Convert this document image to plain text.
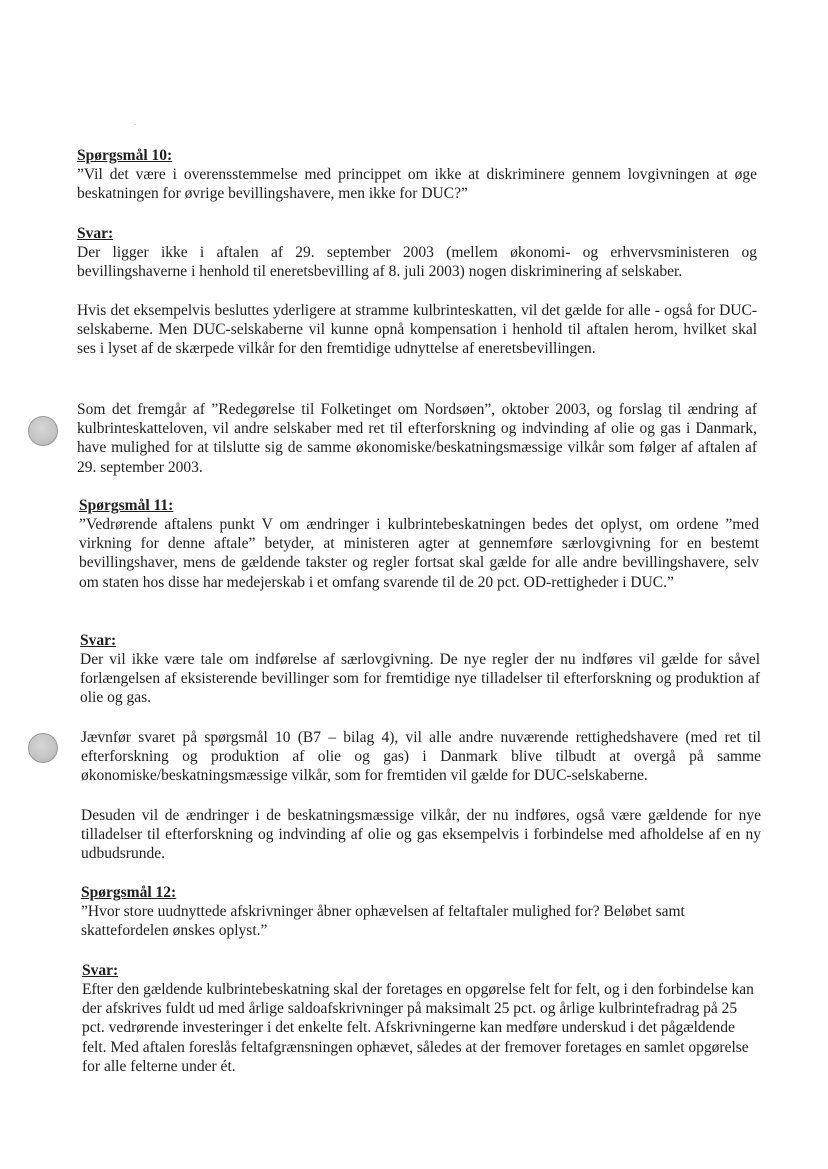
Spørgsmål 10:

”Vil det være i overensstemmelse med princippet om ikke at diskriminere gennem lovgivningen at øge beskatningen for øvrige bevillingshavere, men ikke for DUC?”

Svar:

Der ligger ikke i aftalen af 29. september 2003 (mellem økonomi- og erhvervsministeren og bevillingshaverne i henhold til eneretsbevilling af 8. juli 2003) nogen diskriminering af selskaber.

Hvis det eksempelvis besluttes yderligere at stramme kulbrinteskatten, vil det gælde for alle - også for DUC-selskaberne. Men DUC-selskaberne vil kunne opnå kompensation i henhold til aftalen herom, hvilket skal ses i lyset af de skærpede vilkår for den fremtidige udnyttelse af eneretsbevillingen.

Som det fremgår af ”Redegørelse til Folketinget om Nordsøen”, oktober 2003, og forslag til ændring af kulbrinteskatteloven, vil andre selskaber med ret til efterforskning og indvinding af olie og gas i Danmark, have mulighed for at tilslutte sig de samme økonomiske/beskatningsmæssige vilkår som følger af aftalen af 29. september 2003.

Spørgsmål 11:

”Vedrørende aftalens punkt V om ændringer i kulbrintebeskatningen bedes det oplyst, om ordene ”med virkning for denne aftale” betyder, at ministeren agter at gennemføre særlovgivning for en bestemt bevillingshaver, mens de gældende takster og regler fortsat skal gælde for alle andre bevillingshavere, selv om staten hos disse har medejerskab i et omfang svarende til de 20 pct. OD-rettigheder i DUC.”

Svar:

Der vil ikke være tale om indførelse af særlovgivning. De nye regler der nu indføres vil gælde for såvel forlængelsen af eksisterende bevillinger som for fremtidige nye tilladelser til efterforskning og produktion af olie og gas.

Jævnfør svaret på spørgsmål 10 (B7 – bilag 4), vil alle andre nuværende rettighedshavere (med ret til efterforskning og produktion af olie og gas) i Danmark blive tilbudt at overgå på samme økonomiske/beskatningsmæssige vilkår, som for fremtiden vil gælde for DUC-selskaberne.

Desuden vil de ændringer i de beskatningsmæssige vilkår, der nu indføres, også være gældende for nye tilladelser til efterforskning og indvinding af olie og gas eksempelvis i forbindelse med afholdelse af en ny udbudsrunde.

Spørgsmål 12:

”Hvor store uudnyttede afskrivninger åbner ophævelsen af feltaftaler mulighed for? Beløbet samt skattefordelen ønskes oplyst.”

Svar:

Efter den gældende kulbrintebeskatning skal der foretages en opgørelse felt for felt, og i den forbindelse kan der afskrives fuldt ud med årlige saldoafskrivninger på maksimalt 25 pct. og årlige kulbrintefradrag på 25 pct. vedrørende investeringer i det enkelte felt. Afskrivningerne kan medføre underskud i det pågældende felt. Med aftalen foreslås feltafgrænsningen ophævet, således at der fremover foretages en samlet opgørelse for alle felterne under ét.
